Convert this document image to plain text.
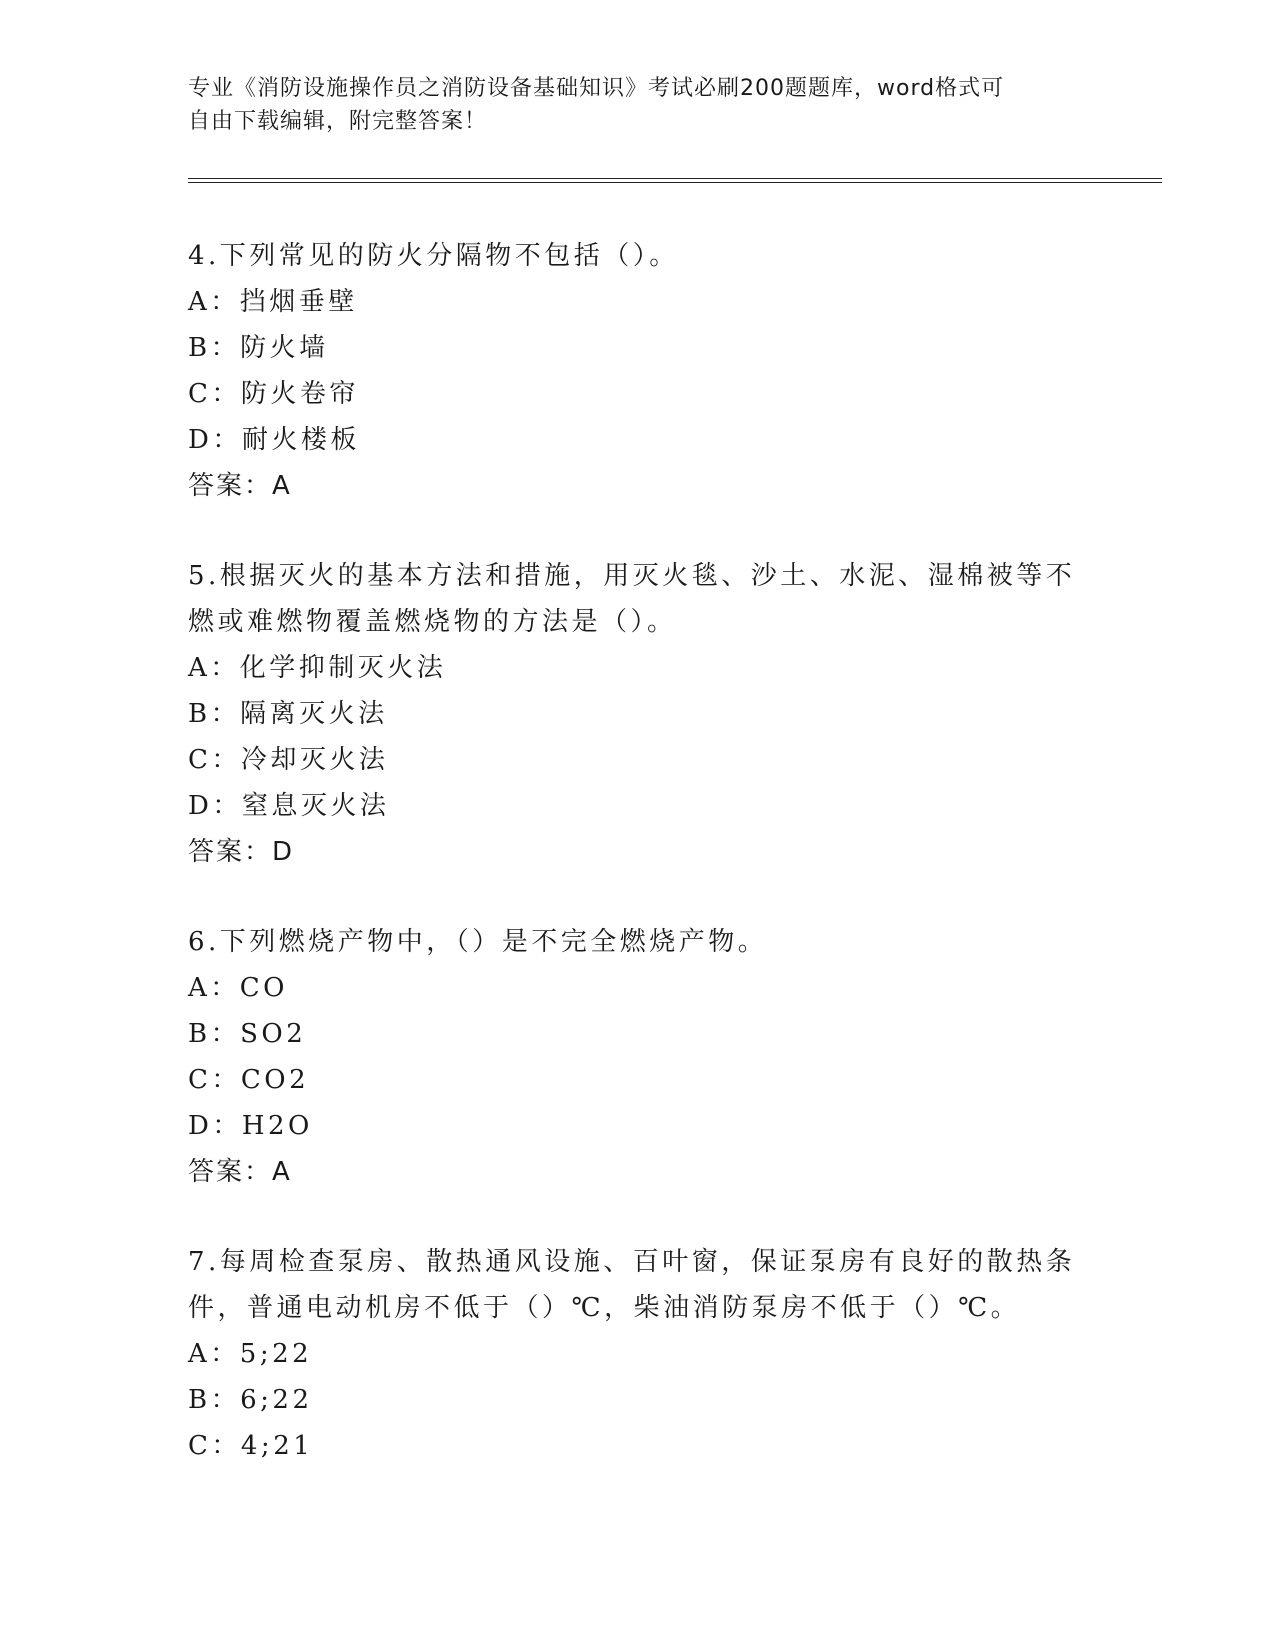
专业《消防设施操作员之消防设备基础知识》考试必刷200题题库，word格式可
自由下载编辑，附完整答案！
4.下列常见的防火分隔物不包括（）。
A：挡烟垂壁
B：防火墙
C：防火卷帘
D：耐火楼板
答案：A
5.根据灭火的基本方法和措施，用灭火毯、沙土、水泥、湿棉被等不
燃或难燃物覆盖燃烧物的方法是（）。
A：化学抑制灭火法
B：隔离灭火法
C：冷却灭火法
D：窒息灭火法
答案：D
6.下列燃烧产物中，（）是不完全燃烧产物。
A：CO
B：SO2
C：CO2
D：H2O
答案：A
7.每周检查泵房、散热通风设施、百叶窗，保证泵房有良好的散热条
件，普通电动机房不低于（）℃，柴油消防泵房不低于（）℃。
A：5;22
B：6;22
C：4;21
